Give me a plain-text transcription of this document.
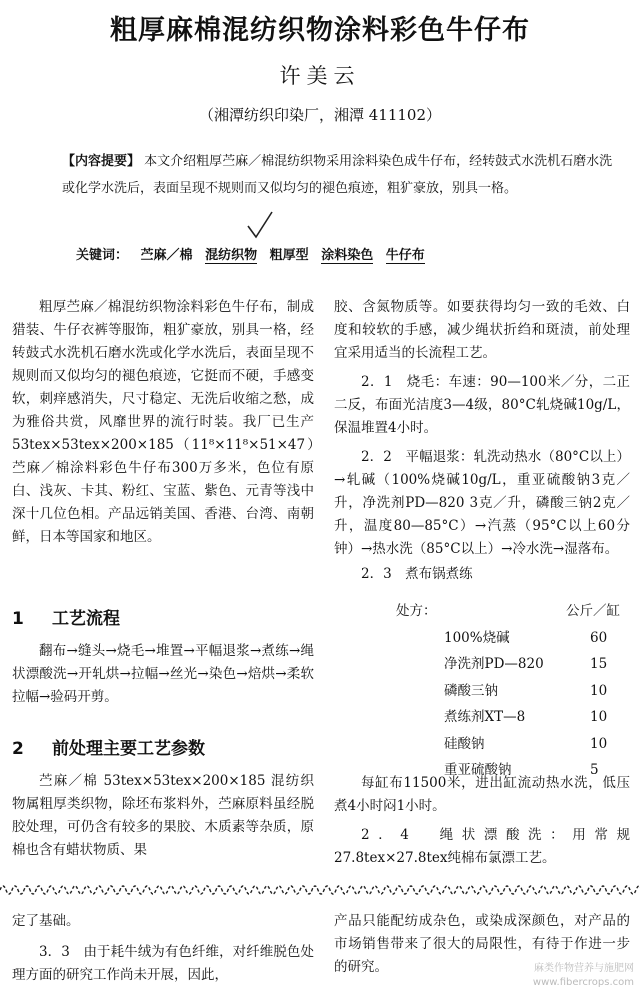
粗厚麻棉混纺织物涂料彩色牛仔布
许美云
（湘潭纺织印染厂，湘潭 411102）
【内容提要】 本文介绍粗厚苎麻／棉混纺织物采用涂料染色成牛仔布，经转鼓式水洗机石磨水洗或化学水洗后，表面呈现不规则而又似均匀的褪色痕迹，粗犷豪放，别具一格。
关键词： 苎麻／棉 混纺织物 粗厚型 涂料染色 牛仔布

粗厚苎麻／棉混纺织物涂料彩色牛仔布，制成猎装、牛仔衣裤等服饰，粗犷豪放，别具一格，经转鼓式水洗机石磨水洗或化学水洗后，表面呈现不规则而又似均匀的褪色痕迹，它挺而不硬，手感变软，刺痒感消失，尺寸稳定、无洗后收缩之愁，成为雅俗共赏，风靡世界的流行时装。我厂已生产53tex×53tex×200×185（11⁸×11⁸×51×47）苎麻／棉涂料彩色牛仔布300万多米，色位有原白、浅灰、卡其、粉红、宝蓝、紫色、元青等浅中深十几位色相。产品远销美国、香港、台湾、南朝鲜，日本等国家和地区。

1 工艺流程

翻布→缝头→烧毛→堆置→平幅退浆→煮练→绳状漂酸洗→开轧烘→拉幅→丝光→染色→焙烘→柔软拉幅→验码开剪。

2 前处理主要工艺参数

苎麻／棉 53tex×53tex×200×185 混纺织物属粗厚类织物，除坯布浆料外，苎麻原料虽经脱胶处理，可仍含有较多的果胶、木质素等杂质，原棉也含有蜡状物质、果

胶、含氮物质等。如要获得均匀一致的毛效、白度和较软的手感，减少绳状折绉和斑渍，前处理宜采用适当的长流程工艺。

2．1　烧毛：车速：90—100米／分，二正二反，布面光洁度3—4级，80°C轧烧碱10g/L，保温堆置4小时。

2．2　平幅退浆：轧洗动热水（80°C以上）→轧碱（100%烧碱10g/L，重亚硫酸钠3克／升，净洗剂PD—820 3克／升，磷酸三钠2克／升，温度80—85°C）→汽蒸（95°C以上60分钟）→热水洗（85°C以上）→冷水洗→湿落布。

2．3　煮布锅煮练

处方：	公斤／缸
100%烧碱	60
净洗剂PD—820	15
磷酸三钠	10
煮练剂XT—8	10
硅酸钠	10
重亚硫酸钠	5

每缸布11500米，进出缸流动热水洗，低压煮4小时闷1小时。

2．4　绳状漂酸洗：用常规27.8tex×27.8tex纯棉布氯漂工艺。

定了基础。

3．3　由于耗牛绒为有色纤维，对纤维脱色处理方面的研究工作尚未开展，因此，

产品只能配纺成杂色，或染成深颜色，对产品的市场销售带来了很大的局限性，有待于作进一步的研究。	麻类作物营养与施肥网
www.fibercrops.com
